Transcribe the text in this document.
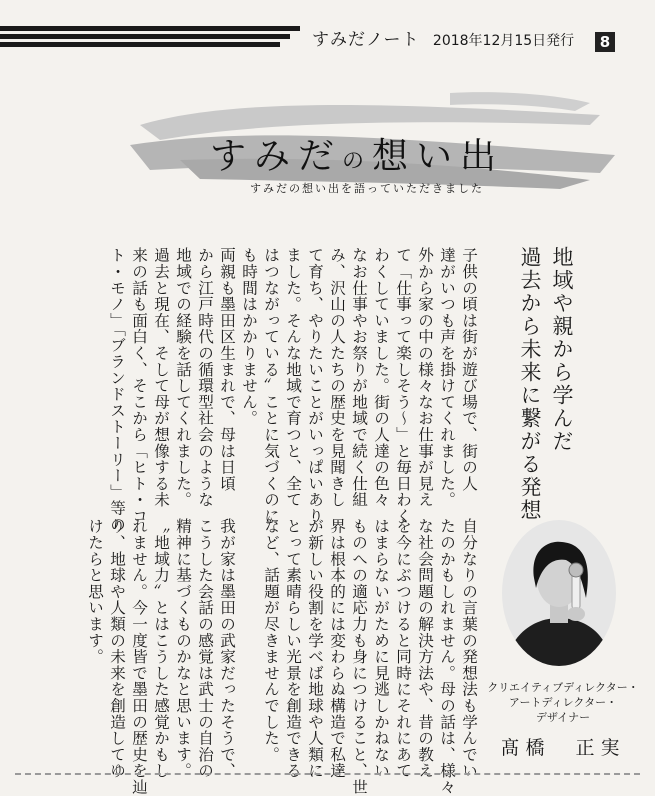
すみだノート 2018年12月15日発行	8
すみだの想い出
すみだの想い出を語っていただきました
地域や親から学んだ
過去から未来に繋がる発想
子供の頃は街が遊び場で、街の人
達がいつも声を掛けてくれました。
外から家の中の様々なお仕事が見え
て「仕事って楽しそう～」と毎日わく
わくしていました。街の人達の色々
なお仕事やお祭りが地域で続く仕組
み、沢山の人たちの歴史を見聞きし
て育ち、やりたいことがいっぱいあり
ました。そんな地域で育つと、全て
はつながっている〟ことに気づくのに
も時間はかかりません。
両親も墨田区生まれで、母は日頃
から江戸時代の循環型社会のような
地域での経験を話してくれました。
過去と現在、そして母が想像する未
来の話も面白く、そこから「ヒト・コ
ト・モノ」「ブランドストーリー」等の
自分なりの言葉の発想法も学んでい
たのかもしれません。母の話は、様々
な社会問題の解決方法や、昔の教え
を今にぶつけると同時にそれにあて
はまらないがために見逃しかねない
ものへの適応力も身につけること、世
界は根本的には変わらぬ構造で私達
が新しい役割を学べば地球や人類に
とって素晴らしい光景を創造できる
など、話題が尽きませんでした。
我が家は墨田の武家だったそうで、
こうした会話の感覚は武士の自治の
精神に基づくものかなと思います。
〝地域力〟とはこうした感覚かもし
れません。今一度皆で墨田の歴史を辿
り、地球や人類の未来を創造してゆ
けたらと思います。
クリエイティブディレクター・
アートディレクター・
デザイナー
髙橋　正実
